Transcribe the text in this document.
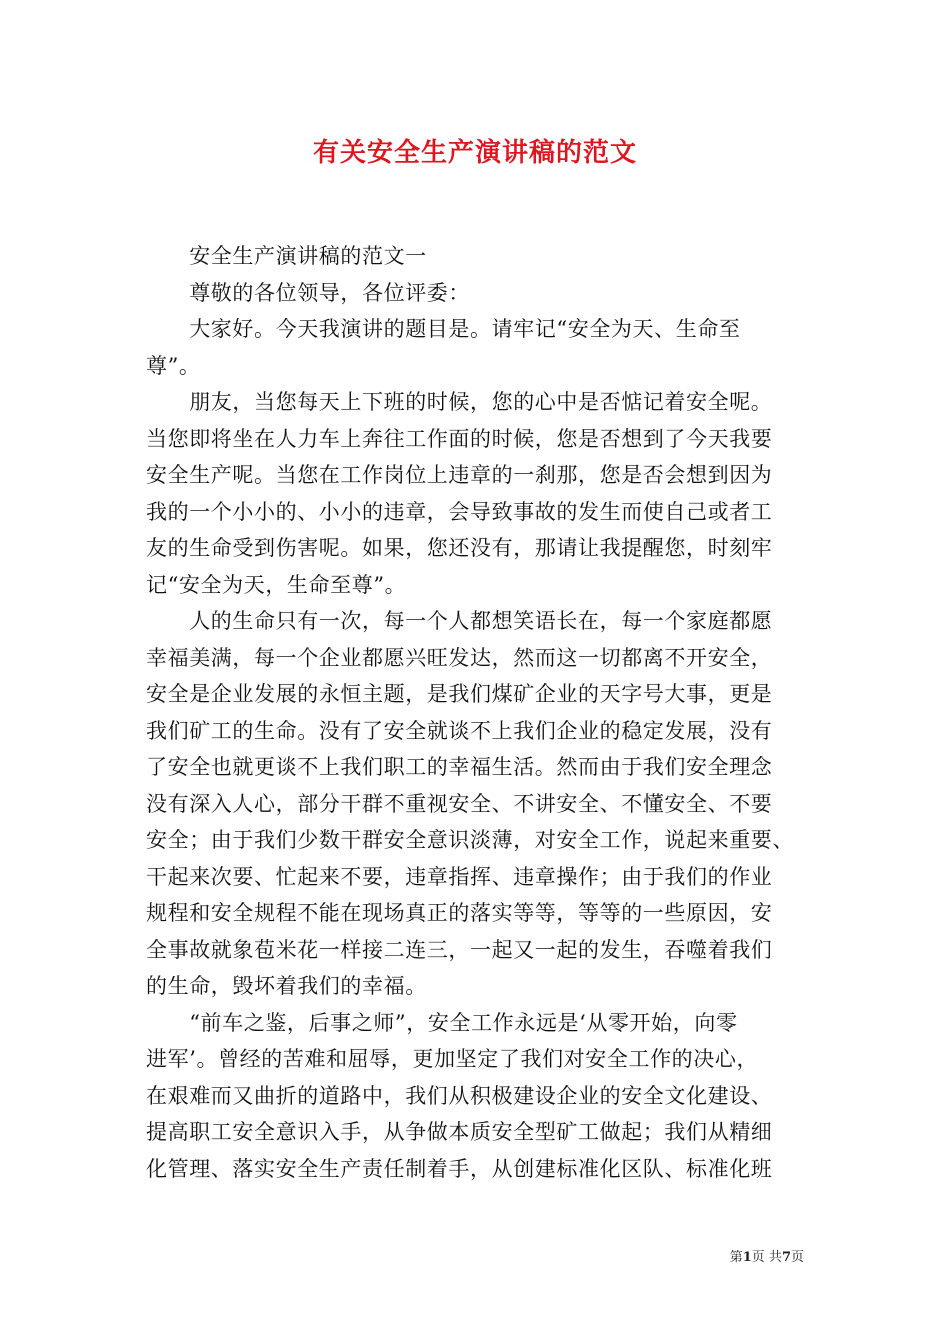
有关安全生产演讲稿的范文
　　安全生产演讲稿的范文一
　　尊敬的各位领导，各位评委：
　　大家好。今天我演讲的题目是。请牢记“安全为天、生命至
尊”。
　　朋友，当您每天上下班的时候，您的心中是否惦记着安全呢。
当您即将坐在人力车上奔往工作面的时候，您是否想到了今天我要
安全生产呢。当您在工作岗位上违章的一刹那，您是否会想到因为
我的一个小小的、小小的违章，会导致事故的发生而使自己或者工
友的生命受到伤害呢。如果，您还没有，那请让我提醒您，时刻牢
记“安全为天，生命至尊”。
　　人的生命只有一次，每一个人都想笑语长在，每一个家庭都愿
幸福美满，每一个企业都愿兴旺发达，然而这一切都离不开安全，
安全是企业发展的永恒主题，是我们煤矿企业的天字号大事，更是
我们矿工的生命。没有了安全就谈不上我们企业的稳定发展，没有
了安全也就更谈不上我们职工的幸福生活。然而由于我们安全理念
没有深入人心，部分干群不重视安全、不讲安全、不懂安全、不要
安全；由于我们少数干群安全意识淡薄，对安全工作，说起来重要、
干起来次要、忙起来不要，违章指挥、违章操作；由于我们的作业
规程和安全规程不能在现场真正的落实等等，等等的一些原因，安
全事故就象苞米花一样接二连三，一起又一起的发生，吞噬着我们
的生命，毁坏着我们的幸福。
　　“前车之鉴，后事之师”，安全工作永远是‘从零开始，向零
进军’。曾经的苦难和屈辱，更加坚定了我们对安全工作的决心，
在艰难而又曲折的道路中，我们从积极建设企业的安全文化建设、
提高职工安全意识入手，从争做本质安全型矿工做起；我们从精细
化管理、落实安全生产责任制着手，从创建标准化区队、标准化班
第1页 共7页
